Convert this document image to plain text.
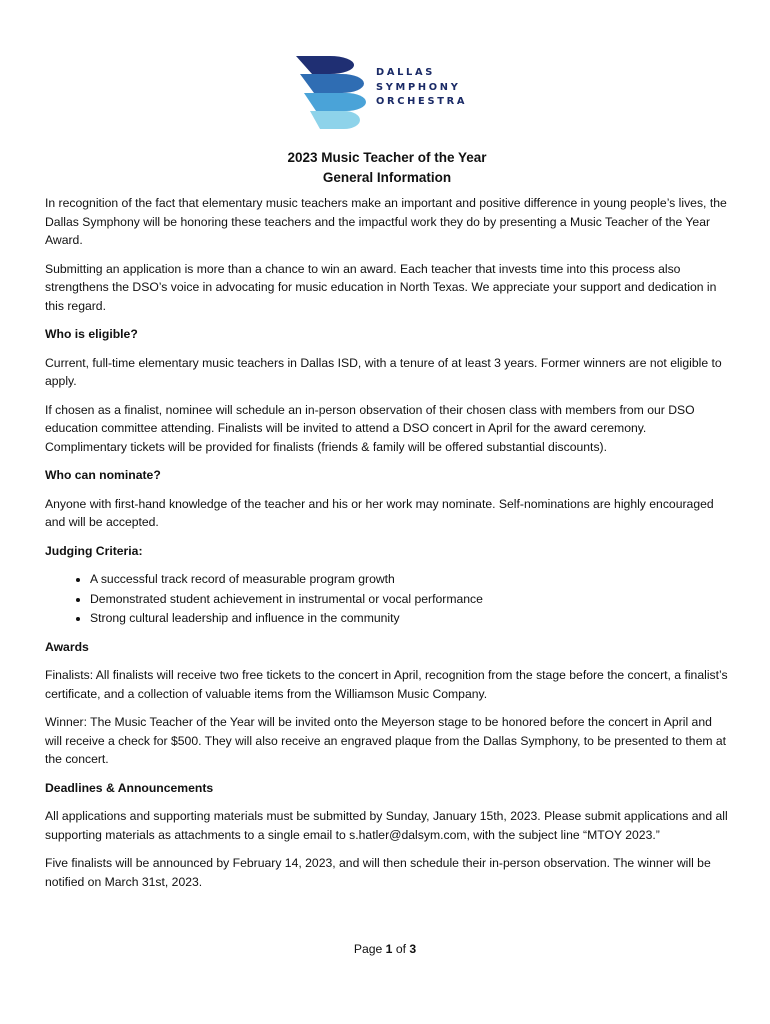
DALLAS
SYMPHONY
ORCHESTRA
2023 Music Teacher of the Year
General Information

In recognition of the fact that elementary music teachers make an important and positive difference in young people’s lives, the Dallas Symphony will be honoring these teachers and the impactful work they do by presenting a Music Teacher of the Year Award.

Submitting an application is more than a chance to win an award. Each teacher that invests time into this process also strengthens the DSO’s voice in advocating for music education in North Texas. We appreciate your support and dedication in this regard.

Who is eligible?

Current, full-time elementary music teachers in Dallas ISD, with a tenure of at least 3 years. Former winners are not eligible to apply.

If chosen as a finalist, nominee will schedule an in-person observation of their chosen class with members from our DSO education committee attending. Finalists will be invited to attend a DSO concert in April for the award ceremony. Complimentary tickets will be provided for finalists (friends & family will be offered substantial discounts).

Who can nominate?

Anyone with first-hand knowledge of the teacher and his or her work may nominate. Self-nominations are highly encouraged and will be accepted.

Judging Criteria:
• A successful track record of measurable program growth
• Demonstrated student achievement in instrumental or vocal performance
• Strong cultural leadership and influence in the community
Awards

Finalists: All finalists will receive two free tickets to the concert in April, recognition from the stage before the concert, a finalist’s certificate, and a collection of valuable items from the Williamson Music Company.

Winner: The Music Teacher of the Year will be invited onto the Meyerson stage to be honored before the concert in April and will receive a check for $500. They will also receive an engraved plaque from the Dallas Symphony, to be presented to them at the concert.

Deadlines & Announcements

All applications and supporting materials must be submitted by Sunday, January 15th, 2023. Please submit applications and all supporting materials as attachments to a single email to s.hatler@dalsym.com, with the subject line “MTOY 2023.”

Five finalists will be announced by February 14, 2023, and will then schedule their in-person observation. The winner will be notified on March 31st, 2023.

Page 1 of 3
